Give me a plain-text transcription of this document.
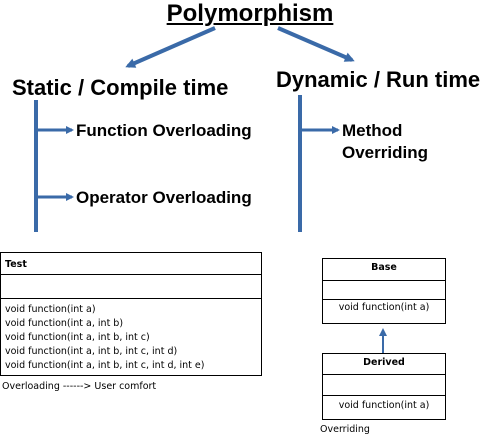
Polymorphism
Static / Compile time Dynamic / Run time
Function Overloading
Operator Overloading
Method
Overriding
Test
void function(int a)
void function(int a, int b)
void function(int a, int b, int c)
void function(int a, int b, int c, int d)
void function(int a, int b, int c, int d, int e)
Overloading ------> User comfort
Base
void function(int a)
Derived
void function(int a)
Overriding
